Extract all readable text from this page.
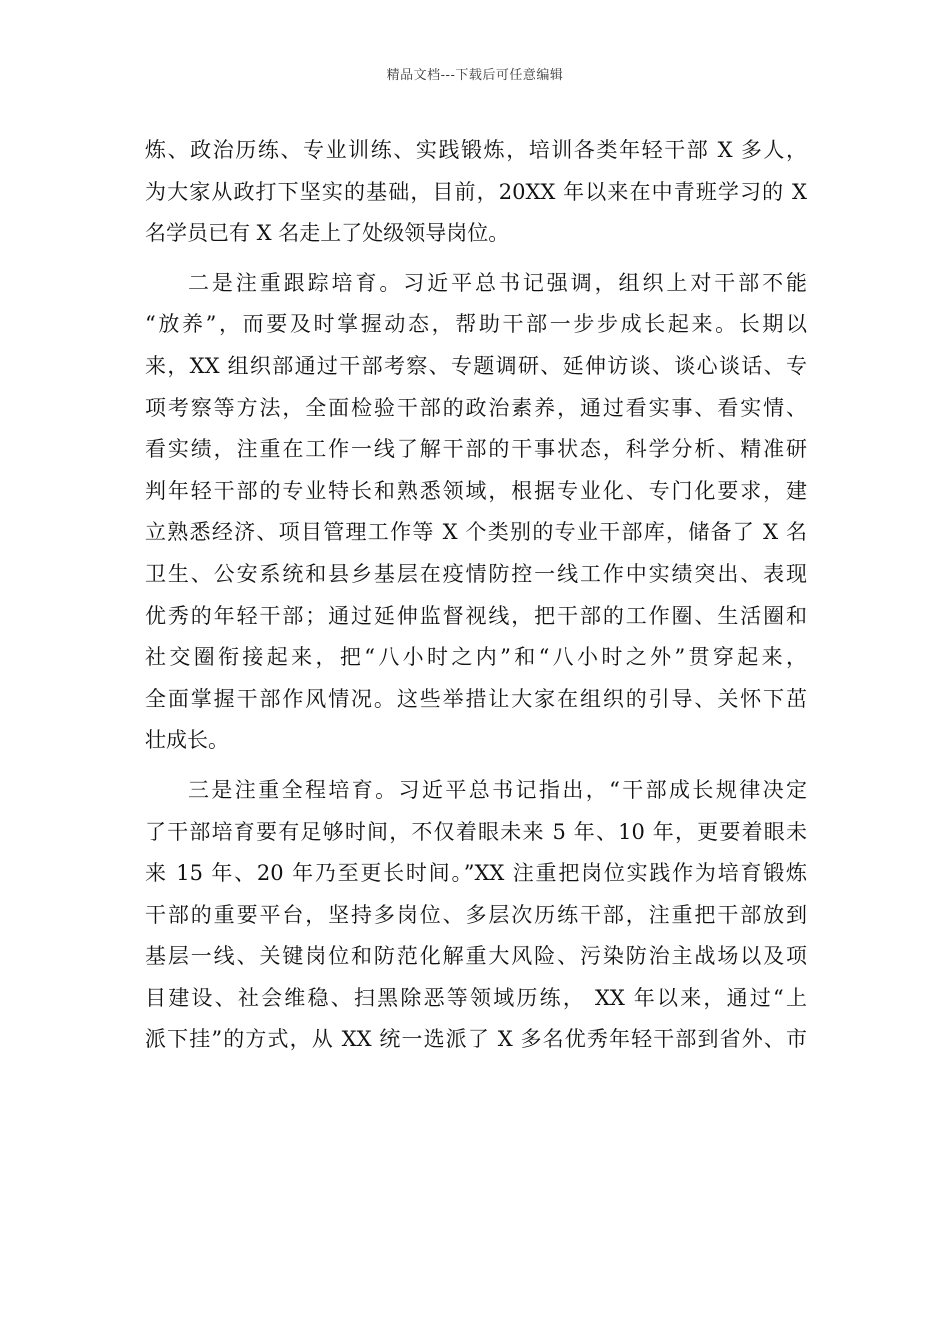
精品文档---下载后可任意编辑
炼、政治历练、专业训练、实践锻炼，培训各类年轻干部 X 多人，
为大家从政打下坚实的基础，目前，20XX 年以来在中青班学习的 X
名学员已有 X 名走上了处级领导岗位。
二是注重跟踪培育。习近平总书记强调，组织上对干部不能
“放养”，而要及时掌握动态，帮助干部一步步成长起来。长期以
来，XX 组织部通过干部考察、专题调研、延伸访谈、谈心谈话、专
项考察等方法，全面检验干部的政治素养，通过看实事、看实情、
看实绩，注重在工作一线了解干部的干事状态，科学分析、精准研
判年轻干部的专业特长和熟悉领域，根据专业化、专门化要求，建
立熟悉经济、项目管理工作等 X 个类别的专业干部库，储备了 X 名
卫生、公安系统和县乡基层在疫情防控一线工作中实绩突出、表现
优秀的年轻干部；通过延伸监督视线，把干部的工作圈、生活圈和
社交圈衔接起来，把“八小时之内”和“八小时之外”贯穿起来，
全面掌握干部作风情况。这些举措让大家在组织的引导、关怀下茁
壮成长。
三是注重全程培育。习近平总书记指出，“干部成长规律决定
了干部培育要有足够时间，不仅着眼未来 5 年、10 年，更要着眼未
来 15 年、20 年乃至更长时间。”XX 注重把岗位实践作为培育锻炼
干部的重要平台，坚持多岗位、多层次历练干部，注重把干部放到
基层一线、关键岗位和防范化解重大风险、污染防治主战场以及项
目建设、社会维稳、扫黑除恶等领域历练， XX 年以来，通过“上
派下挂”的方式，从 XX 统一选派了 X 多名优秀年轻干部到省外、市
